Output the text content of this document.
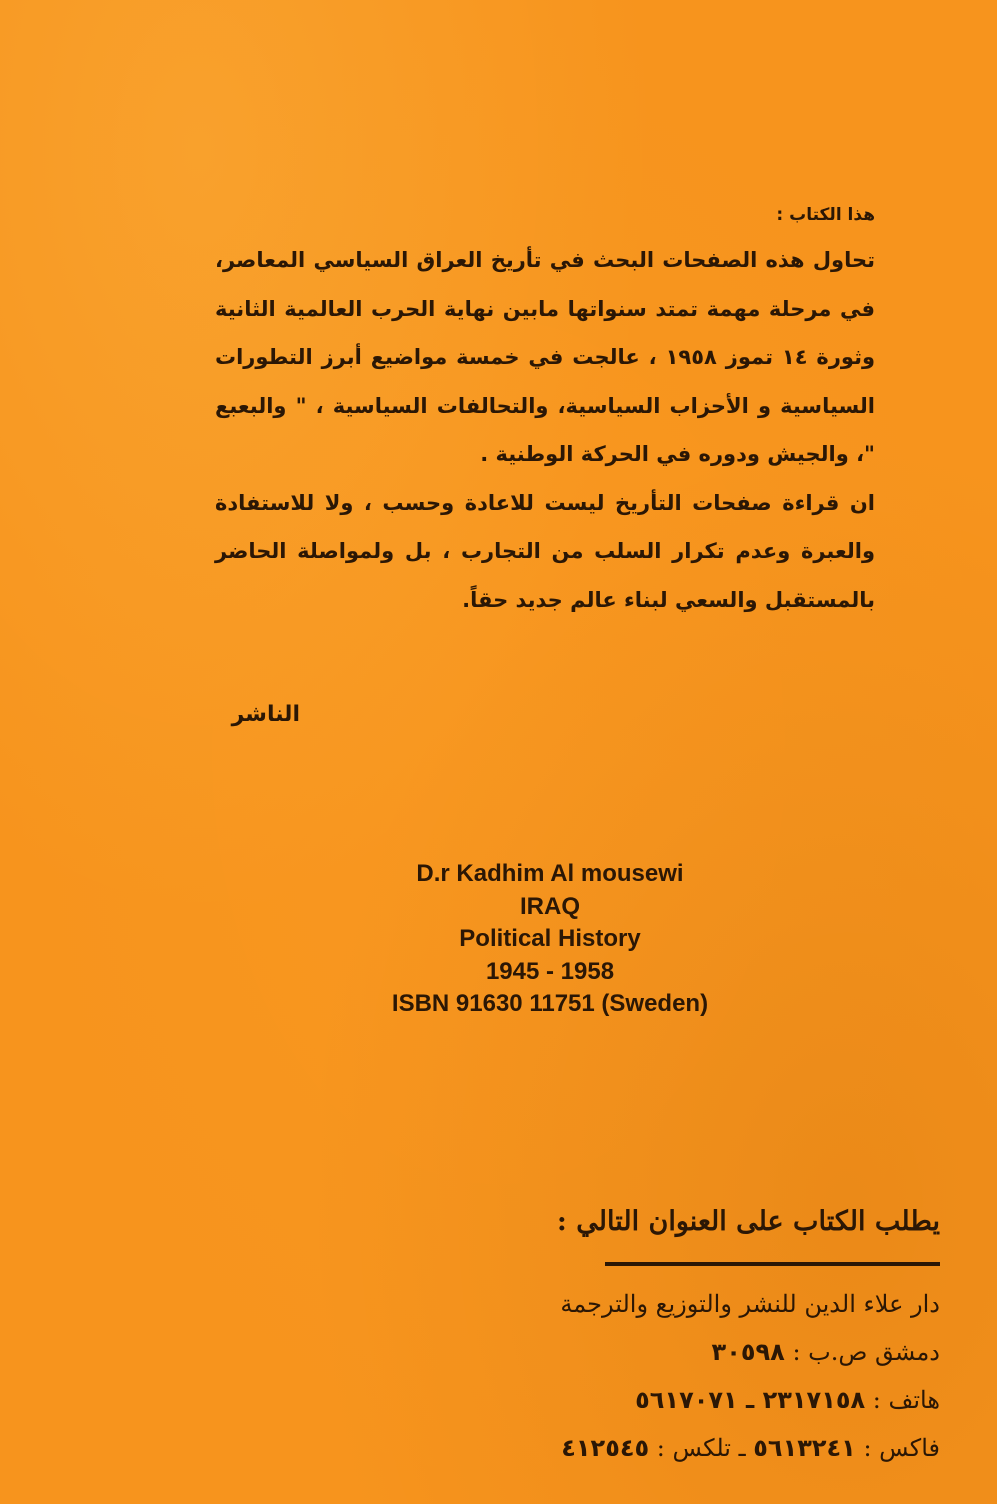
هذا الكتاب :

تحاول هذه الصفحات البحث في تأريخ العراق السياسي المعاصر، في مرحلة مهمة تمتد سنواتها مابين نهاية الحرب العالمية الثانية وثورة ١٤ تموز ١٩٥٨ ، عالجت في خمسة مواضيع أبرز التطورات السياسية و الأحزاب السياسية، والتحالفات السياسية ، " والبعبع "، والجيش ودوره في الحركة الوطنية .

ان قراءة صفحات التأريخ ليست للاعادة وحسب ، ولا للاستفادة والعبرة وعدم تكرار السلب من التجارب ، بل ولمواصلة الحاضر بالمستقبل والسعي لبناء عالم جديد حقاً.

الناشر
D.r Kadhim Al mousewi
IRAQ
Political History
1945 - 1958
ISBN 91630 11751 (Sweden)
يطلب الكتاب على العنوان التالي :
دار علاء الدين للنشر والتوزيع والترجمة
دمشق ص.ب : ٣٠٥٩٨
هاتف : ٢٣١٧١٥٨ ـ ٥٦١٧٠٧١
فاكس : ٥٦١٣٢٤١ ـ تلكس : ٤١٢٥٤٥
